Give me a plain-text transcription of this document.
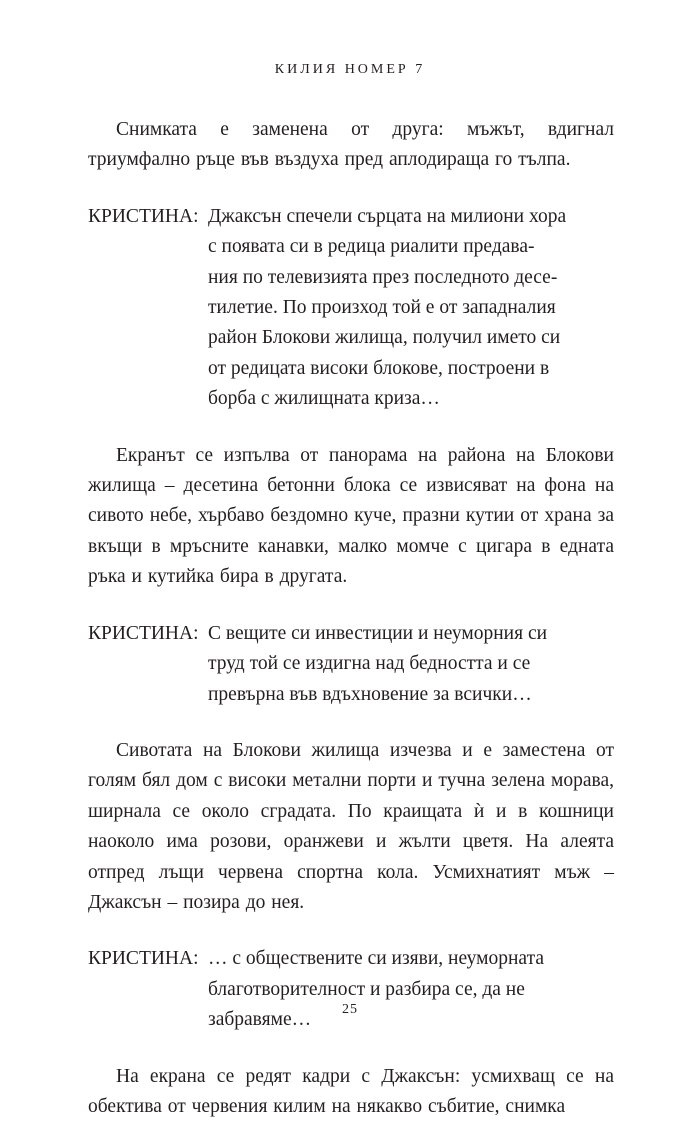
КИЛИЯ НОМЕР 7

Снимката е заменена от друга: мъжът, вдигнал триумфално ръце във въздуха пред аплодираща го тълпа.

КРИСТИНА: Джаксън спечели сърцата на милиони хора
с появата си в редица риалити предава-
ния по телевизията през последното десе-
тилетие. По произход той е от западналия
район Блокови жилища, получил името си
от редицата високи блокове, построени в
борба с жилищната криза…

Екранът се изпълва от панорама на района на Блокови жилища – десетина бетонни блока се извисяват на фона на сивото небе, хърбаво бездомно куче, празни кутии от храна за вкъщи в мръсните канавки, малко момче с цигара в едната ръка и кутийка бира в другата.

КРИСТИНА: С вещите си инвестиции и неуморния си
труд той се издигна над бедността и се
превърна във вдъхновение за всички…

Сивотата на Блокови жилища изчезва и е заместена от голям бял дом с високи метални порти и тучна зелена морава, ширнала се около сградата. По краищата ѝ и в кошници наоколо има розови, оранжеви и жълти цветя. На алеята отпред лъщи червена спортна кола. Усмихнатият мъж – Джаксън – позира до нея.

КРИСТИНА: … с обществените си изяви, неуморната
благотворителност и разбира се, да не
забравяме…

На екрана се редят кадри с Джаксън: усмихващ се на обектива от червения килим на някакво събитие, снимка

25
